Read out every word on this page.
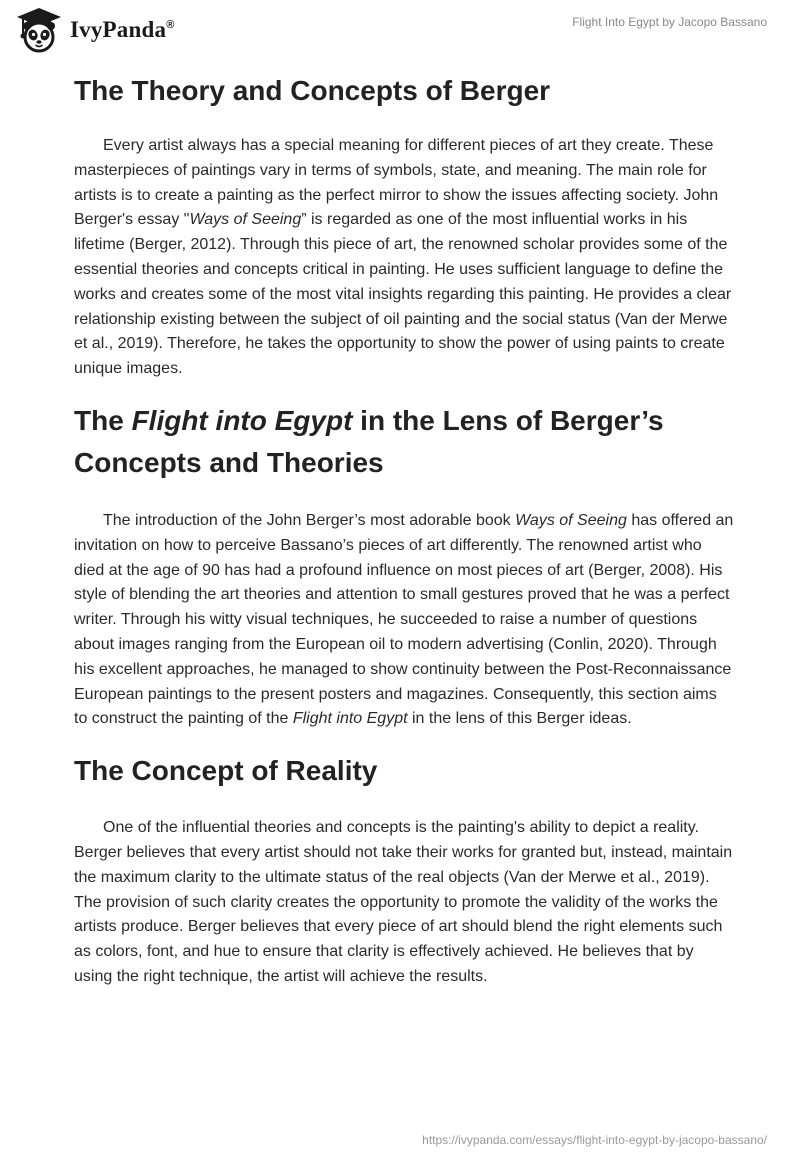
IvyPanda®	Flight Into Egypt by Jacopo Bassano
The Theory and Concepts of Berger

Every artist always has a special meaning for different pieces of art they create. These masterpieces of paintings vary in terms of symbols, state, and meaning. The main role for artists is to create a painting as the perfect mirror to show the issues affecting society. John Berger's essay "Ways of Seeing” is regarded as one of the most influential works in his lifetime (Berger, 2012). Through this piece of art, the renowned scholar provides some of the essential theories and concepts critical in painting. He uses sufficient language to define the works and creates some of the most vital insights regarding this painting. He provides a clear relationship existing between the subject of oil painting and the social status (Van der Merwe et al., 2019). Therefore, he takes the opportunity to show the power of using paints to create unique images.

The Flight into Egypt in the Lens of Berger’s Concepts and Theories

The introduction of the John Berger’s most adorable book Ways of Seeing has offered an invitation on how to perceive Bassano’s pieces of art differently. The renowned artist who died at the age of 90 has had a profound influence on most pieces of art (Berger, 2008). His style of blending the art theories and attention to small gestures proved that he was a perfect writer. Through his witty visual techniques, he succeeded to raise a number of questions about images ranging from the European oil to modern advertising (Conlin, 2020). Through his excellent approaches, he managed to show continuity between the Post-Reconnaissance European paintings to the present posters and magazines. Consequently, this section aims to construct the painting of the Flight into Egypt in the lens of this Berger ideas.

The Concept of Reality

One of the influential theories and concepts is the painting's ability to depict a reality. Berger believes that every artist should not take their works for granted but, instead, maintain the maximum clarity to the ultimate status of the real objects (Van der Merwe et al., 2019). The provision of such clarity creates the opportunity to promote the validity of the works the artists produce. Berger believes that every piece of art should blend the right elements such as colors, font, and hue to ensure that clarity is effectively achieved. He believes that by using the right technique, the artist will achieve the results.

https://ivypanda.com/essays/flight-into-egypt-by-jacopo-bassano/
